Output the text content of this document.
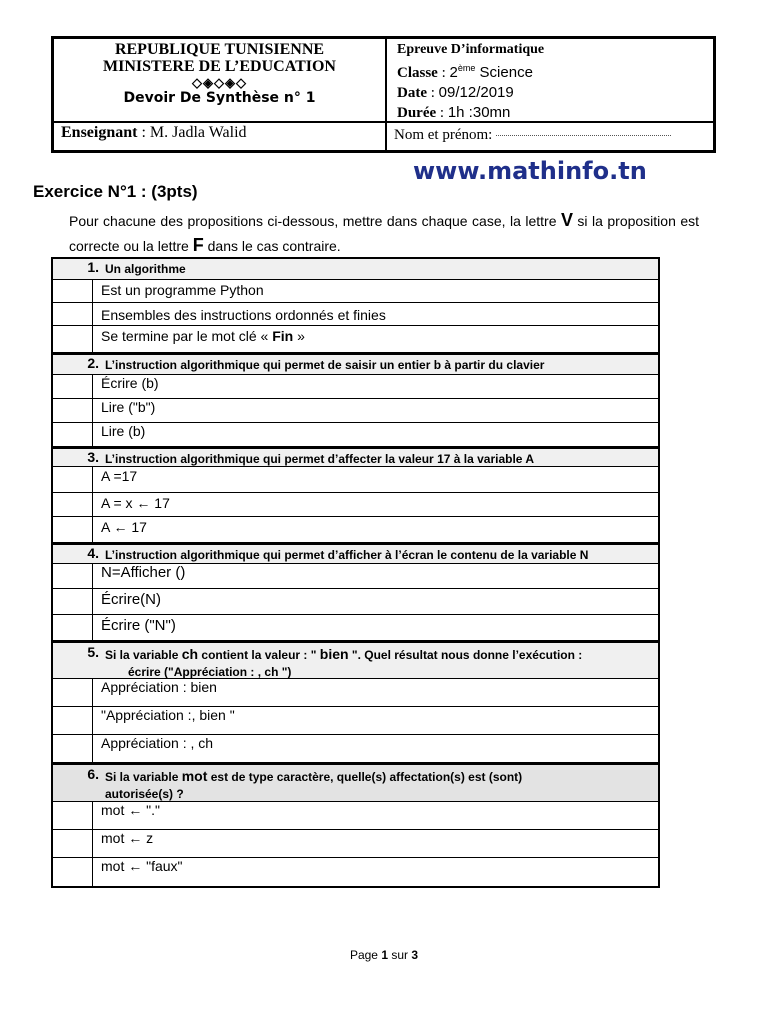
REPUBLIQUE TUNISIENNE
MINISTERE DE L’EDUCATION
◇◈◇◈◇
Devoir De Synthèse n° 1
Epreuve D’informatique
Classe : 2ème Science
Date : 09/12/2019
Durée : 1h :30mn
Enseignant : M. Jadla Walid	Nom et prénom:
www.mathinfo.tn
Exercice N°1 : (3pts)
Pour chacune des propositions ci-dessous, mettre dans chaque case, la lettre V si la proposition est correcte ou la lettre F dans le cas contraire.
1. Un algorithme
Est un programme Python
Ensembles des instructions ordonnés et finies
Se termine par le mot clé « Fin »
2. L’instruction algorithmique qui permet de saisir un entier b à partir du clavier
Écrire (b)
Lire ("b")
Lire (b)
3. L’instruction algorithmique qui permet d’affecter la valeur 17 à la variable A
A =17
A = x ← 17
A ← 17
4. L’instruction algorithmique qui permet d’afficher à l’écran le contenu de la variable N
N=Afficher ()
Écrire(N)
Écrire ("N")
5. Si la variable ch contient la valeur : " bien ". Quel résultat nous donne l’exécution :
écrire ("Appréciation : , ch ")
Appréciation : bien
"Appréciation :, bien "
Appréciation : , ch
6. Si la variable mot est de type caractère, quelle(s) affectation(s) est (sont)
autorisée(s) ?
mot ← "."
mot ← z
mot ← "faux"
Page 1 sur 3
